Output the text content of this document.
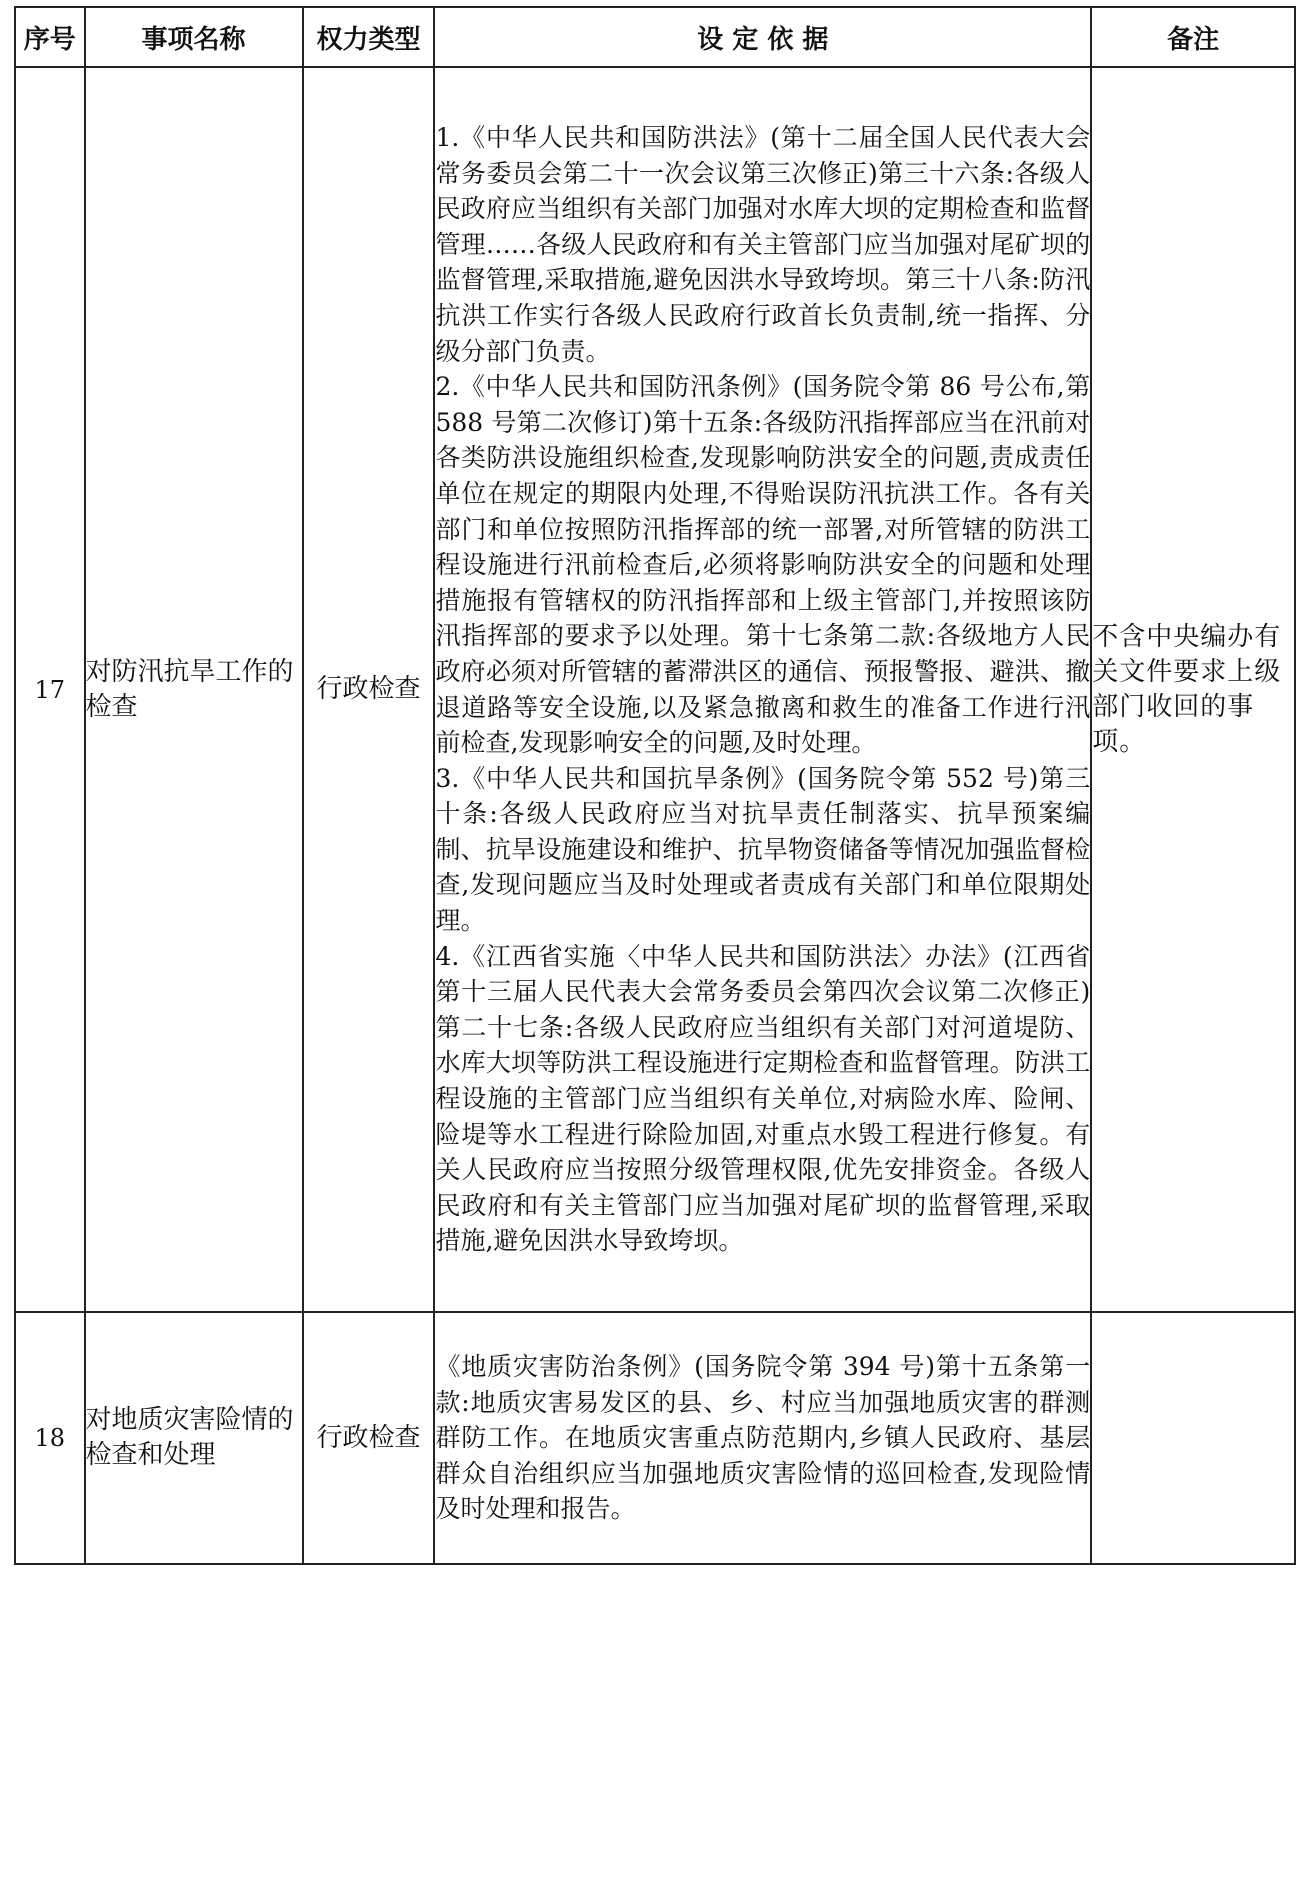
序号	事项名称	权力类型	设 定 依 据	备注
17	对防汛抗旱工作的检查	行政检查	1.《中华人民共和国防洪法》(第十二届全国人民代表大会常务委员会第二十一次会议第三次修正)第三十六条:各级人民政府应当组织有关部门加强对水库大坝的定期检查和监督管理……各级人民政府和有关主管部门应当加强对尾矿坝的监督管理,采取措施,避免因洪水导致垮坝。第三十八条:防汛抗洪工作实行各级人民政府行政首长负责制,统一指挥、分级分部门负责。
2.《中华人民共和国防汛条例》(国务院令第 86 号公布,第 588 号第二次修订)第十五条:各级防汛指挥部应当在汛前对各类防洪设施组织检查,发现影响防洪安全的问题,责成责任单位在规定的期限内处理,不得贻误防汛抗洪工作。各有关部门和单位按照防汛指挥部的统一部署,对所管辖的防洪工程设施进行汛前检查后,必须将影响防洪安全的问题和处理措施报有管辖权的防汛指挥部和上级主管部门,并按照该防汛指挥部的要求予以处理。第十七条第二款:各级地方人民政府必须对所管辖的蓄滞洪区的通信、预报警报、避洪、撤退道路等安全设施,以及紧急撤离和救生的准备工作进行汛前检查,发现影响安全的问题,及时处理。
3.《中华人民共和国抗旱条例》(国务院令第 552 号)第三十条:各级人民政府应当对抗旱责任制落实、抗旱预案编制、抗旱设施建设和维护、抗旱物资储备等情况加强监督检查,发现问题应当及时处理或者责成有关部门和单位限期处理。
4.《江西省实施〈中华人民共和国防洪法〉办法》(江西省第十三届人民代表大会常务委员会第四次会议第二次修正)第二十七条:各级人民政府应当组织有关部门对河道堤防、水库大坝等防洪工程设施进行定期检查和监督管理。防洪工程设施的主管部门应当组织有关单位,对病险水库、险闸、险堤等水工程进行除险加固,对重点水毁工程进行修复。有关人民政府应当按照分级管理权限,优先安排资金。各级人民政府和有关主管部门应当加强对尾矿坝的监督管理,采取措施,避免因洪水导致垮坝。	不含中央编办有关文件要求上级部门收回的事项。
18	对地质灾害险情的检查和处理	行政检查	《地质灾害防治条例》(国务院令第 394 号)第十五条第一款:地质灾害易发区的县、乡、村应当加强地质灾害的群测群防工作。在地质灾害重点防范期内,乡镇人民政府、基层群众自治组织应当加强地质灾害险情的巡回检查,发现险情及时处理和报告。	
